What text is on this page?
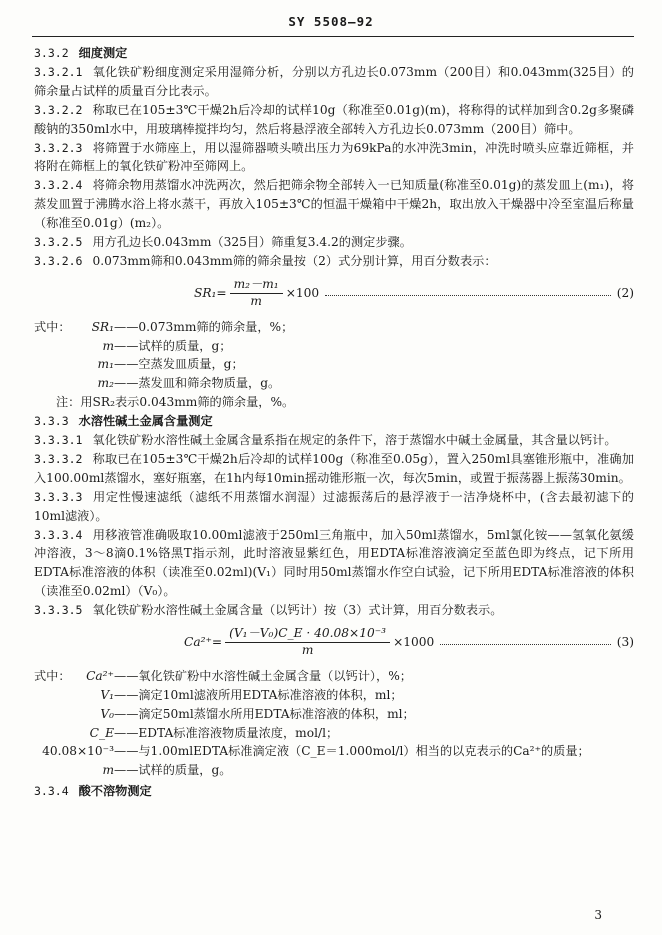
SY 5508—92

3.3.2 细度测定

3.3.2.1 氧化铁矿粉细度测定采用湿筛分析，分别以方孔边长0.073mm（200目）和0.043mm(325目）的筛余量占试样的质量百分比表示。

3.3.2.2 称取已在105±3℃干燥2h后冷却的试样10g（称准至0.01g)(m)，将称得的试样加到含0.2g多聚磷酸钠的350ml水中，用玻璃棒搅拌均匀，然后将悬浮液全部转入方孔边长0.073mm（200目）筛中。

3.3.2.3 将筛置于水筛座上，用以湿筛器喷头喷出压力为69kPa的水冲洗3min，冲洗时喷头应靠近筛框，并将附在筛框上的氧化铁矿粉冲至筛网上。

3.3.2.4 将筛余物用蒸馏水冲洗两次，然后把筛余物全部转入一已知质量(称准至0.01g)的蒸发皿上(m₁)，将蒸发皿置于沸腾水浴上将水蒸干，再放入105±3℃的恒温干燥箱中干燥2h，取出放入干燥器中冷至室温后称量（称准至0.01g）(m₂）。

3.3.2.5 用方孔边长0.043mm（325目）筛重复3.4.2的测定步骤。

3.3.2.6 0.073mm筛和0.043mm筛的筛余量按（2）式分别计算，用百分数表示：

$SR_1= \frac{\text{m₂－m₁}}{m} \times 100$	(2)
式中：	SR₁ ——0.073mm筛的筛余量，%；
m ——试样的质量，g；
m₁ ——空蒸发皿质量，g；
m₂ ——蒸发皿和筛余物质量，g。

注：用SR₂表示0.043mm筛的筛余量，%。

3.3.3 水溶性碱土金属含量测定

3.3.3.1 氧化铁矿粉水溶性碱土金属含量系指在规定的条件下，溶于蒸馏水中碱土金属量，其含量以钙计。

3.3.3.2 称取已在105±3℃干燥2h后冷却的试样100g（称准至0.05g），置入250ml具塞锥形瓶中，准确加入100.00ml蒸馏水，塞好瓶塞，在1h内每10min摇动锥形瓶一次，每次5min，或置于振荡器上振荡30min。

3.3.3.3 用定性慢速滤纸（滤纸不用蒸馏水润湿）过滤振荡后的悬浮液于一洁净烧杯中，(含去最初滤下的10ml滤液）。

3.3.3.4 用移液管准确吸取10.00ml滤液于250ml三角瓶中，加入50ml蒸馏水，5ml氯化铵——氢氧化氨缓冲溶液，3～8滴0.1%铬黑T指示剂，此时溶液显紫红色，用EDTA标准溶液滴定至蓝色即为终点，记下所用EDTA标准溶液的体积（读准至0.02ml)(V₁）同时用50ml蒸馏水作空白试验，记下所用EDTA标准溶液的体积（读准至0.02ml）（V₀）。

3.3.3.5 氧化铁矿粉水溶性碱土金属含量（以钙计）按（3）式计算，用百分数表示。

$Ca^{2+}= \frac{\text{(V₁－V₀)C\_E · 40.08×10⁻³}}{m} \times 1000$	(3)
式中：	Ca²⁺ ——氧化铁矿粉中水溶性碱土金属含量（以钙计），%；
V₁ ——滴定10ml滤液所用EDTA标准溶液的体积，ml；
V₀ ——滴定50ml蒸馏水所用EDTA标准溶液的体积，ml；
C_E ——EDTA标准溶液物质量浓度，mol/l；
40.08×10⁻³ ——与1.00mlEDTA标准滴定液（C_E＝1.000mol/l）相当的以克表示的Ca²⁺的质量；
m ——试样的质量，g。

3.3.4 酸不溶物测定

3
